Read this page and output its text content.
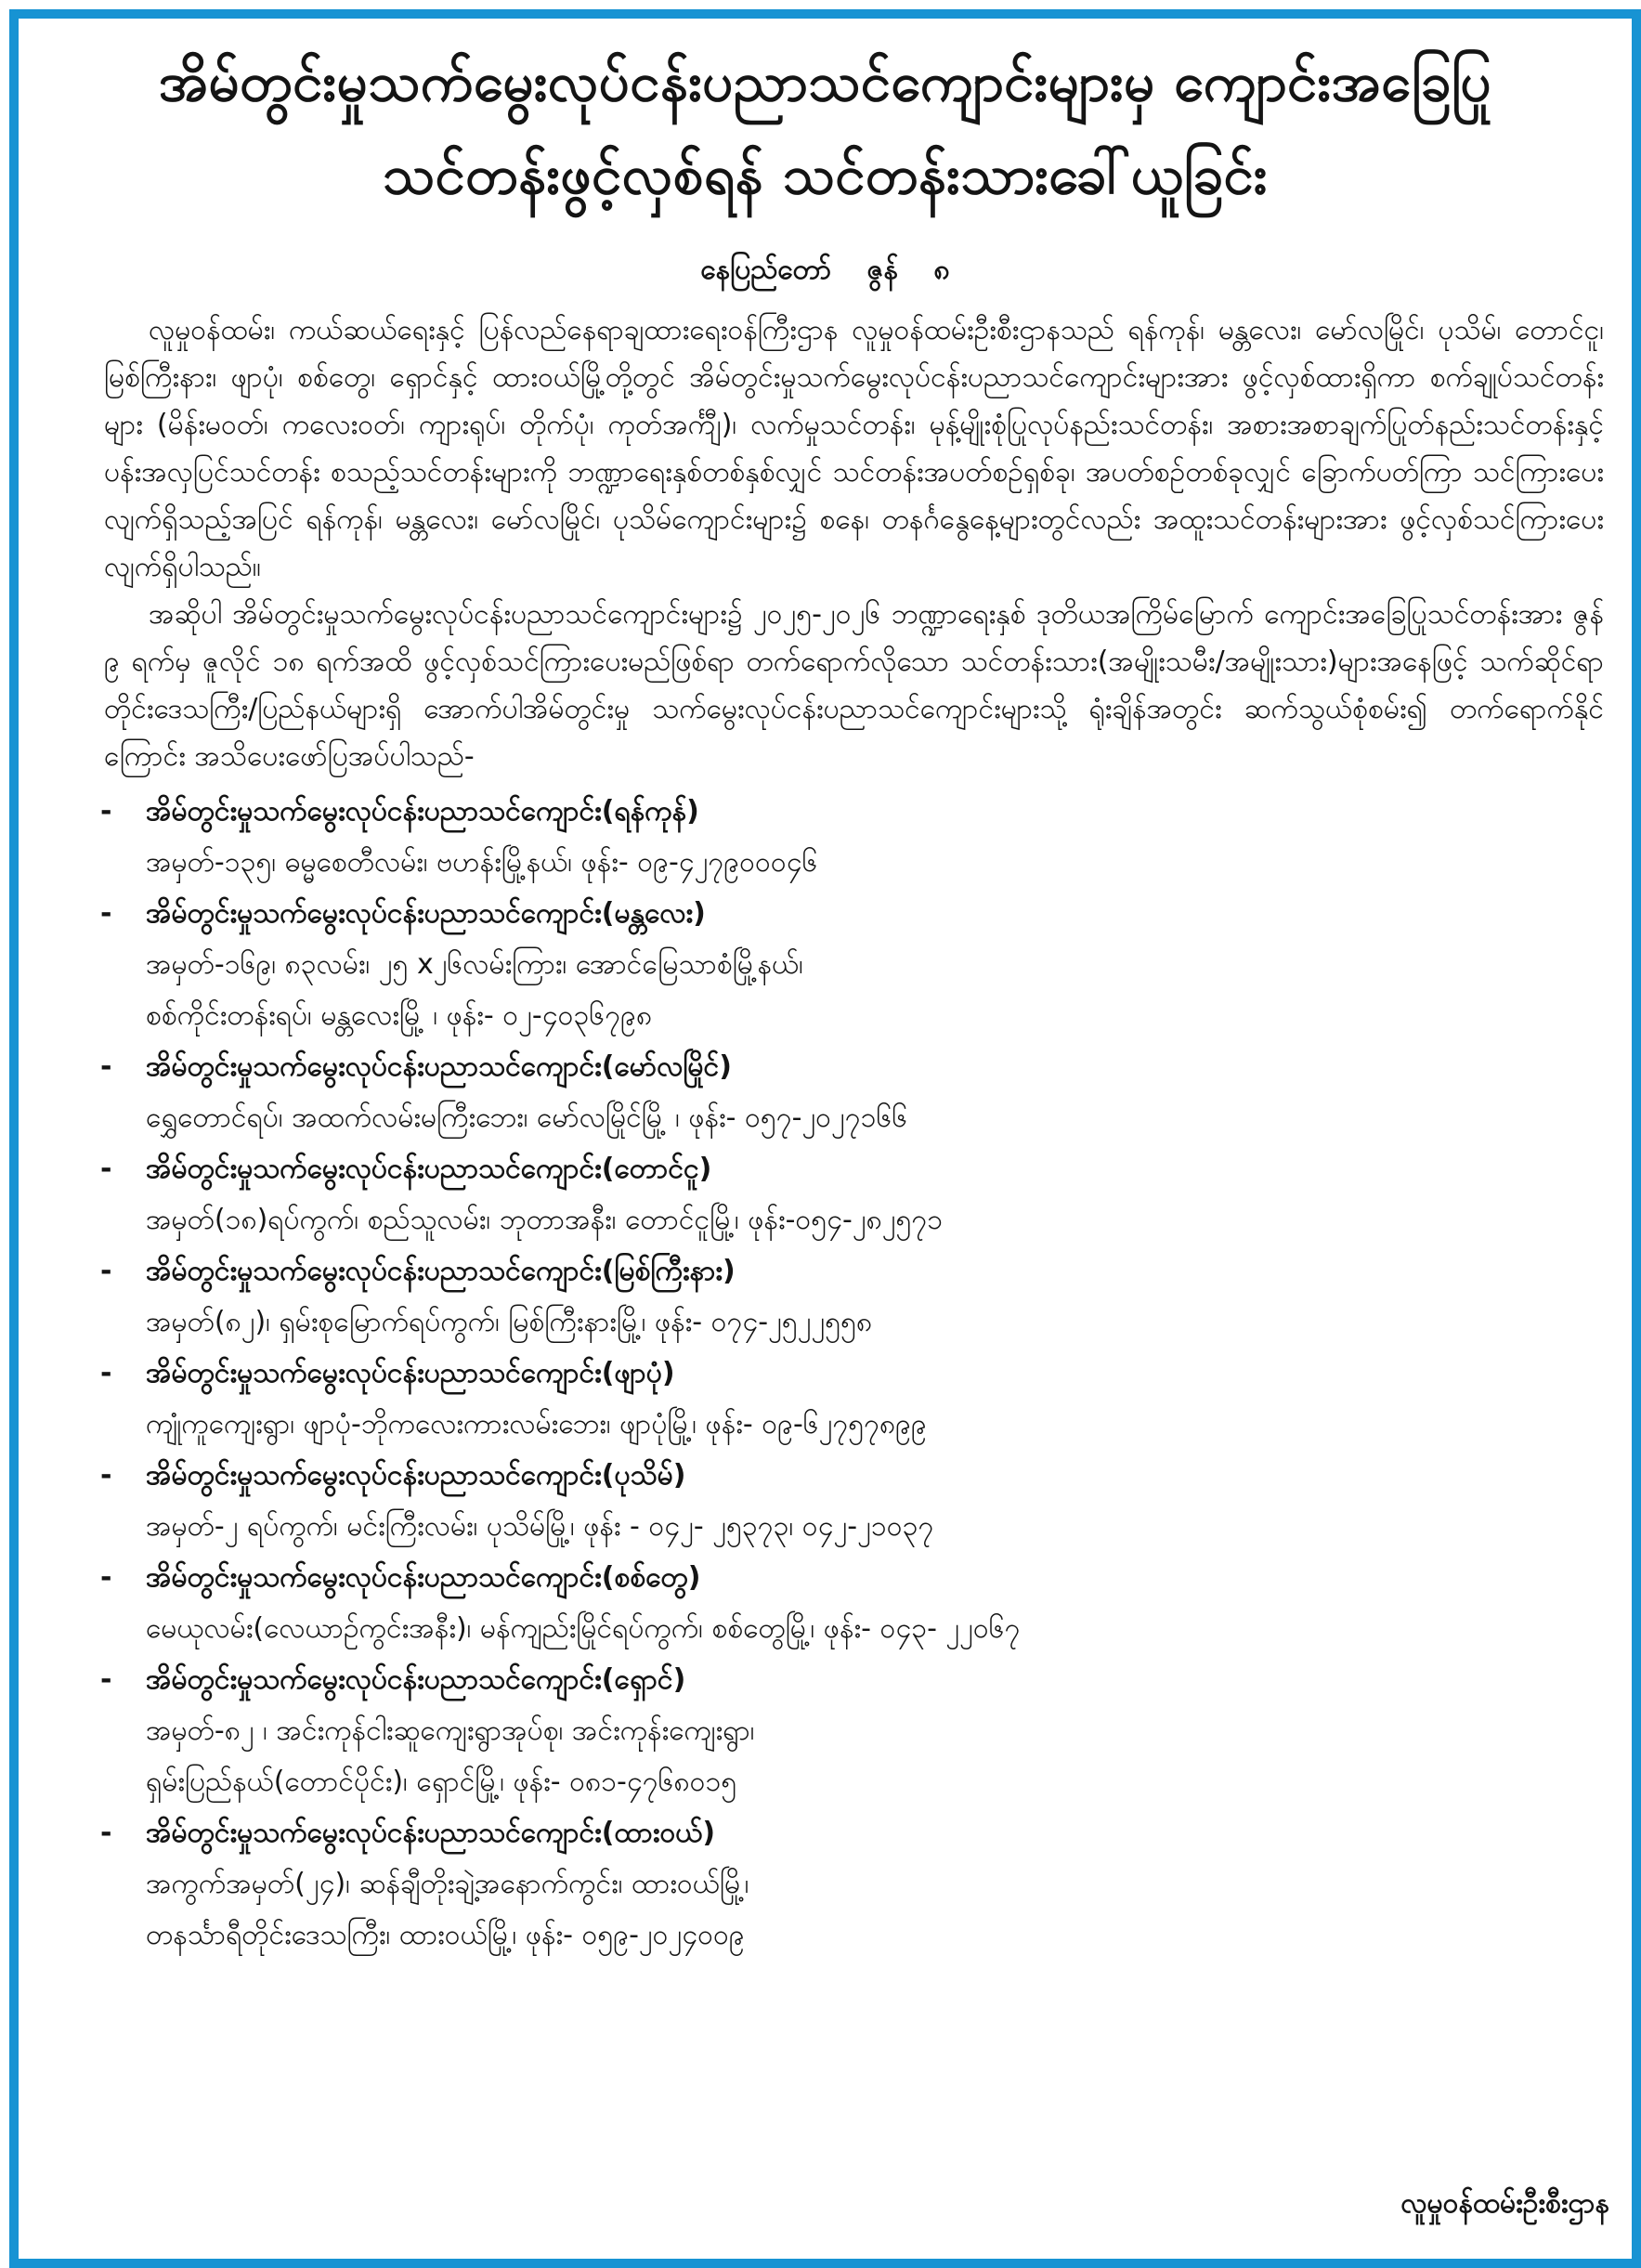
အိမ်တွင်းမှုသက်မွေးလုပ်ငန်းပညာသင်ကျောင်းများမှ ကျောင်းအခြေပြု
သင်တန်းဖွင့်လှစ်ရန် သင်တန်းသားခေါ်ယူခြင်း
နေပြည်တော် ဇွန် ၈

လူမှုဝန်ထမ်း၊ ကယ်ဆယ်ရေးနှင့် ပြန်လည်နေရာချထားရေးဝန်ကြီးဌာန လူမှုဝန်ထမ်းဦးစီးဌာနသည် ရန်ကုန်၊ မန္တလေး၊ မော်လမြိုင်၊ ပုသိမ်၊ တောင်ငူ၊ မြစ်ကြီးနား၊ ဖျာပုံ၊ စစ်တွေ၊ ရှောင်နှင့် ထားဝယ်မြို့တို့တွင် အိမ်တွင်းမှုသက်မွေးလုပ်ငန်းပညာသင်ကျောင်းများအား ဖွင့်လှစ်ထားရှိကာ စက်ချုပ်သင်တန်းများ (မိန်းမဝတ်၊ ကလေးဝတ်၊ ကျားရုပ်၊ တိုက်ပုံ၊ ကုတ်အင်္ကျီ)၊ လက်မှုသင်တန်း၊ မုန့်မျိုးစုံပြုလုပ်နည်းသင်တန်း၊ အစားအစာချက်ပြုတ်နည်းသင်တန်းနှင့် ပန်းအလှပြင်သင်တန်း စသည့်သင်တန်းများကို ဘဏ္ဍာရေးနှစ်တစ်နှစ်လျှင် သင်တန်းအပတ်စဉ်ရှစ်ခု၊ အပတ်စဉ်တစ်ခုလျှင် ခြောက်ပတ်ကြာ သင်ကြားပေးလျက်ရှိသည့်အပြင် ရန်ကုန်၊ မန္တလေး၊ မော်လမြိုင်၊ ပုသိမ်ကျောင်းများ၌ စနေ၊ တနင်္ဂနွေနေ့များတွင်လည်း အထူးသင်တန်းများအား ဖွင့်လှစ်သင်ကြားပေးလျက်ရှိပါသည်။

အဆိုပါ အိမ်တွင်းမှုသက်မွေးလုပ်ငန်းပညာသင်ကျောင်းများ၌ ၂၀၂၅-၂၀၂၆ ဘဏ္ဍာရေးနှစ် ဒုတိယအကြိမ်မြောက် ကျောင်းအခြေပြုသင်တန်းအား ဇွန် ၉ ရက်မှ ဇူလိုင် ၁၈ ရက်အထိ ဖွင့်လှစ်သင်ကြားပေးမည်ဖြစ်ရာ တက်ရောက်လိုသော သင်တန်းသား(အမျိုးသမီး/အမျိုးသား)များအနေဖြင့် သက်ဆိုင်ရာ တိုင်းဒေသကြီး/ပြည်နယ်များရှိ အောက်ပါအိမ်တွင်းမှု သက်မွေးလုပ်ငန်းပညာသင်ကျောင်းများသို့ ရုံးချိန်အတွင်း ဆက်သွယ်စုံစမ်း၍ တက်ရောက်နိုင်ကြောင်း အသိပေးဖော်ပြအပ်ပါသည်-

- အိမ်တွင်းမှုသက်မွေးလုပ်ငန်းပညာသင်ကျောင်း(ရန်ကုန်)
အမှတ်-၁၃၅၊ ဓမ္မစေတီလမ်း၊ ဗဟန်းမြို့နယ်၊ ဖုန်း- ၀၉-၄၂၇၉၀၀၀၄၆
- အိမ်တွင်းမှုသက်မွေးလုပ်ငန်းပညာသင်ကျောင်း(မန္တလေး)
အမှတ်-၁၆၉၊ ၈၃လမ်း၊ ၂၅ x၂၆လမ်းကြား၊ အောင်မြေသာစံမြို့နယ်၊
စစ်ကိုင်းတန်းရပ်၊ မန္တလေးမြို့ ၊ ဖုန်း- ၀၂-၄၀၃၆၇၉၈
- အိမ်တွင်းမှုသက်မွေးလုပ်ငန်းပညာသင်ကျောင်း(မော်လမြိုင်)
ရွှေတောင်ရပ်၊ အထက်လမ်းမကြီးဘေး၊ မော်လမြိုင်မြို့ ၊ ဖုန်း- ၀၅၇-၂၀၂၇၁၆၆
- အိမ်တွင်းမှုသက်မွေးလုပ်ငန်းပညာသင်ကျောင်း(တောင်ငူ)
အမှတ်(၁၈)ရပ်ကွက်၊ စည်သူလမ်း၊ ဘုတာအနီး၊ တောင်ငူမြို့၊ ဖုန်း-၀၅၄-၂၈၂၅၇၁
- အိမ်တွင်းမှုသက်မွေးလုပ်ငန်းပညာသင်ကျောင်း(မြစ်ကြီးနား)
အမှတ်(၈၂)၊ ရှမ်းစုမြောက်ရပ်ကွက်၊ မြစ်ကြီးနားမြို့၊ ဖုန်း- ၀၇၄-၂၅၂၂၅၅၈
- အိမ်တွင်းမှုသက်မွေးလုပ်ငန်းပညာသင်ကျောင်း(ဖျာပုံ)
ကျုံကူကျေးရွာ၊ ဖျာပုံ-ဘိုကလေးကားလမ်းဘေး၊ ဖျာပုံမြို့၊ ဖုန်း- ၀၉-၆၂၇၅၇၈၉၉
- အိမ်တွင်းမှုသက်မွေးလုပ်ငန်းပညာသင်ကျောင်း(ပုသိမ်)
အမှတ်-၂ ရပ်ကွက်၊ မင်းကြီးလမ်း၊ ပုသိမ်မြို့၊ ဖုန်း - ၀၄၂- ၂၅၃၇၃၊ ၀၄၂-၂၁၀၃၇
- အိမ်တွင်းမှုသက်မွေးလုပ်ငန်းပညာသင်ကျောင်း(စစ်တွေ)
မေယုလမ်း(လေယာဉ်ကွင်းအနီး)၊ မန်ကျည်းမြိုင်ရပ်ကွက်၊ စစ်တွေမြို့၊ ဖုန်း- ၀၄၃- ၂၂၀၆၇
- အိမ်တွင်းမှုသက်မွေးလုပ်ငန်းပညာသင်ကျောင်း(ရှောင်)
အမှတ်-၈၂ ၊ အင်းကုန်ငါးဆူကျေးရွာအုပ်စု၊ အင်းကုန်းကျေးရွာ၊
ရှမ်းပြည်နယ်(တောင်ပိုင်း)၊ ရှောင်မြို့၊ ဖုန်း- ၀၈၁-၄၇၆၈၀၁၅
- အိမ်တွင်းမှုသက်မွေးလုပ်ငန်းပညာသင်ကျောင်း(ထားဝယ်)
အကွက်အမှတ်(၂၄)၊ ဆန်ချီတိုးချဲ့အနောက်ကွင်း၊ ထားဝယ်မြို့၊
တနင်္သာရီတိုင်းဒေသကြီး၊ ထားဝယ်မြို့၊ ဖုန်း- ၀၅၉-၂၀၂၄၀၀၉
လူမှုဝန်ထမ်းဦးစီးဌာန
